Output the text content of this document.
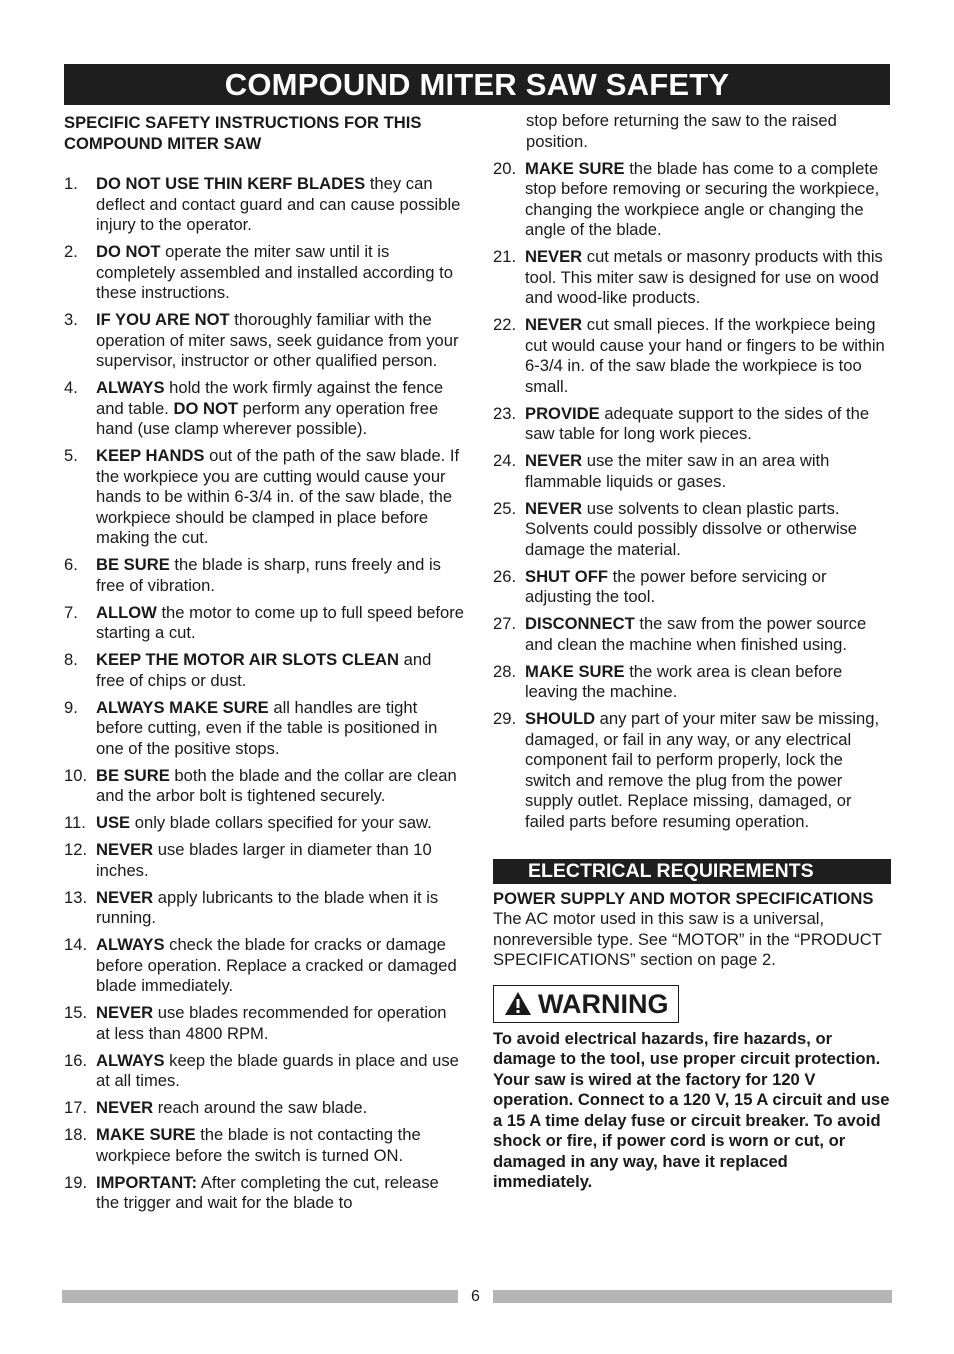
COMPOUND MITER SAW SAFETY
SPECIFIC SAFETY INSTRUCTIONS FOR THIS COMPOUND MITER SAW
1. DO NOT USE THIN KERF BLADES they can deflect and contact guard and can cause possible injury to the operator.
2. DO NOT operate the miter saw until it is completely assembled and installed according to these instructions.
3. IF YOU ARE NOT thoroughly familiar with the operation of miter saws, seek guidance from your supervisor, instructor or other qualified person.
4. ALWAYS hold the work firmly against the fence and table. DO NOT perform any operation free hand (use clamp wherever possible).
5. KEEP HANDS out of the path of the saw blade. If the workpiece you are cutting would cause your hands to be within 6-3/4 in. of the saw blade, the workpiece should be clamped in place before making the cut.
6. BE SURE the blade is sharp, runs freely and is free of vibration.
7. ALLOW the motor to come up to full speed before starting a cut.
8. KEEP THE MOTOR AIR SLOTS CLEAN and free of chips or dust.
9. ALWAYS MAKE SURE all handles are tight before cutting, even if the table is positioned in one of the positive stops.
10. BE SURE both the blade and the collar are clean and the arbor bolt is tightened securely.
11. USE only blade collars specified for your saw.
12. NEVER use blades larger in diameter than 10 inches.
13. NEVER apply lubricants to the blade when it is running.
14. ALWAYS check the blade for cracks or damage before operation. Replace a cracked or damaged blade immediately.
15. NEVER use blades recommended for operation at less than 4800 RPM.
16. ALWAYS keep the blade guards in place and use at all times.
17. NEVER reach around the saw blade.
18. MAKE SURE the blade is not contacting the workpiece before the switch is turned ON.
19. IMPORTANT: After completing the cut, release the trigger and wait for the blade to
stop before returning the saw to the raised position.
20. MAKE SURE the blade has come to a complete stop before removing or securing the workpiece, changing the workpiece angle or changing the angle of the blade.
21. NEVER cut metals or masonry products with this tool. This miter saw is designed for use on wood and wood-like products.
22. NEVER cut small pieces. If the workpiece being cut would cause your hand or fingers to be within 6-3/4 in. of the saw blade the workpiece is too small.
23. PROVIDE adequate support to the sides of the saw table for long work pieces.
24. NEVER use the miter saw in an area with flammable liquids or gases.
25. NEVER use solvents to clean plastic parts. Solvents could possibly dissolve or otherwise damage the material.
26. SHUT OFF the power before servicing or adjusting the tool.
27. DISCONNECT the saw from the power source and clean the machine when finished using.
28. MAKE SURE the work area is clean before leaving the machine.
29. SHOULD any part of your miter saw be missing, damaged, or fail in any way, or any electrical component fail to perform properly, lock the switch and remove the plug from the power supply outlet. Replace missing, damaged, or failed parts before resuming operation.
ELECTRICAL REQUIREMENTS
POWER SUPPLY AND MOTOR SPECIFICATIONS
The AC motor used in this saw is a universal, nonreversible type. See “MOTOR” in the “PRODUCT SPECIFICATIONS” section on page 2.
WARNING
To avoid electrical hazards, fire hazards, or damage to the tool, use proper circuit protection. Your saw is wired at the factory for 120 V operation. Connect to a 120 V, 15 A circuit and use a 15 A time delay fuse or circuit breaker. To avoid shock or fire, if power cord is worn or cut, or damaged in any way, have it replaced immediately.
6
